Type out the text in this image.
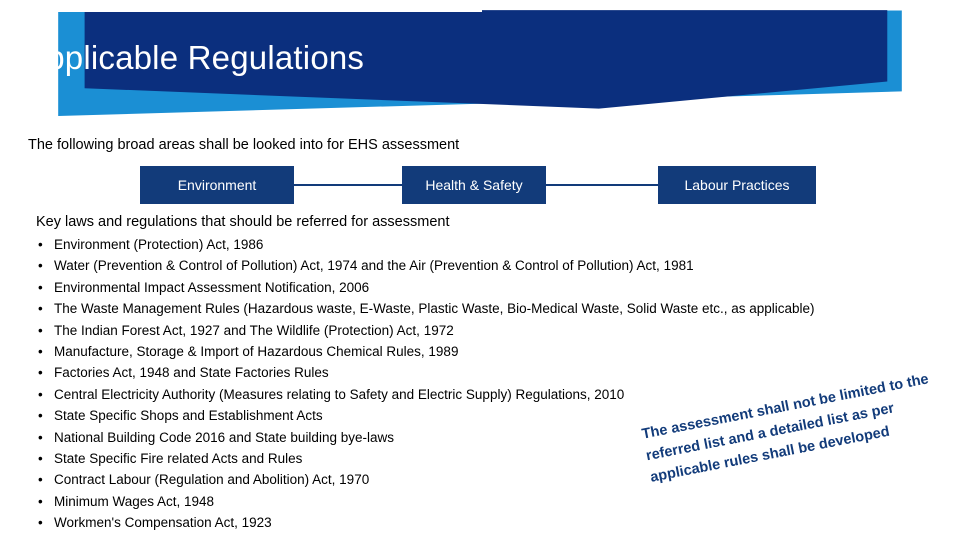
Applicable Regulations
The following broad areas shall be looked into for EHS assessment
Environment	Health & Safety	Labour Practices
Key laws and regulations that should be referred for assessment
• Environment (Protection) Act, 1986
• Water (Prevention & Control of Pollution) Act, 1974 and the Air (Prevention & Control of Pollution) Act, 1981
• Environmental Impact Assessment Notification, 2006
• The Waste Management Rules (Hazardous waste, E-Waste, Plastic Waste, Bio-Medical Waste, Solid Waste etc., as applicable)
• The Indian Forest Act, 1927 and The Wildlife (Protection) Act, 1972
• Manufacture, Storage & Import of Hazardous Chemical Rules, 1989
• Factories Act, 1948 and State Factories Rules
• Central Electricity Authority (Measures relating to Safety and Electric Supply) Regulations, 2010
• State Specific Shops and Establishment Acts
• National Building Code 2016 and State building bye-laws
• State Specific Fire related Acts and Rules
• Contract Labour (Regulation and Abolition) Act, 1970
• Minimum Wages Act, 1948
• Workmen's Compensation Act, 1923
The assessment shall not be limited to the referred list and a detailed list as per applicable rules shall be developed
